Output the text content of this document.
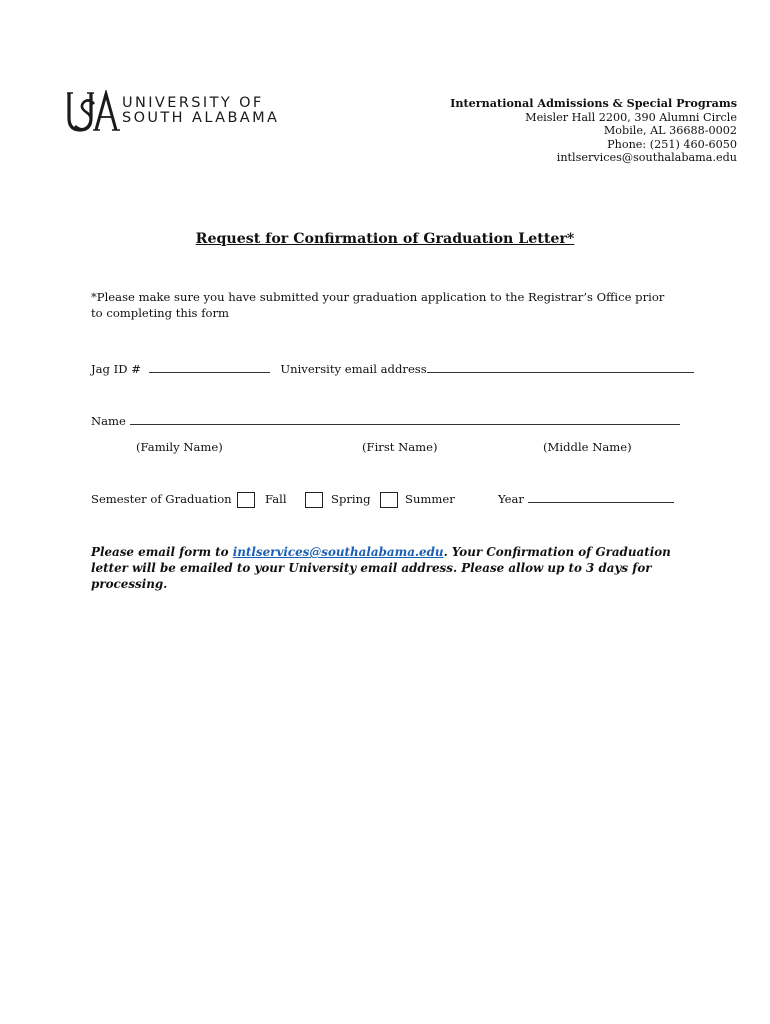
UNIVERSITY OF
SOUTH ALABAMA
International Admissions & Special Programs
Meisler Hall 2200, 390 Alumni Circle
Mobile, AL 36688-0002
Phone: (251) 460-6050
intlservices@southalabama.edu
Request for Confirmation of Graduation Letter*
*Please make sure you have submitted your graduation application to the Registrar’s Office prior to completing this form
Jag ID #	University email address
Name
(Family Name)	(First Name)	(Middle Name)
Semester of Graduation	Fall	Spring	Summer	Year
Please email form to intlservices@southalabama.edu. Your Confirmation of Graduation letter will be emailed to your University email address. Please allow up to 3 days for processing.
